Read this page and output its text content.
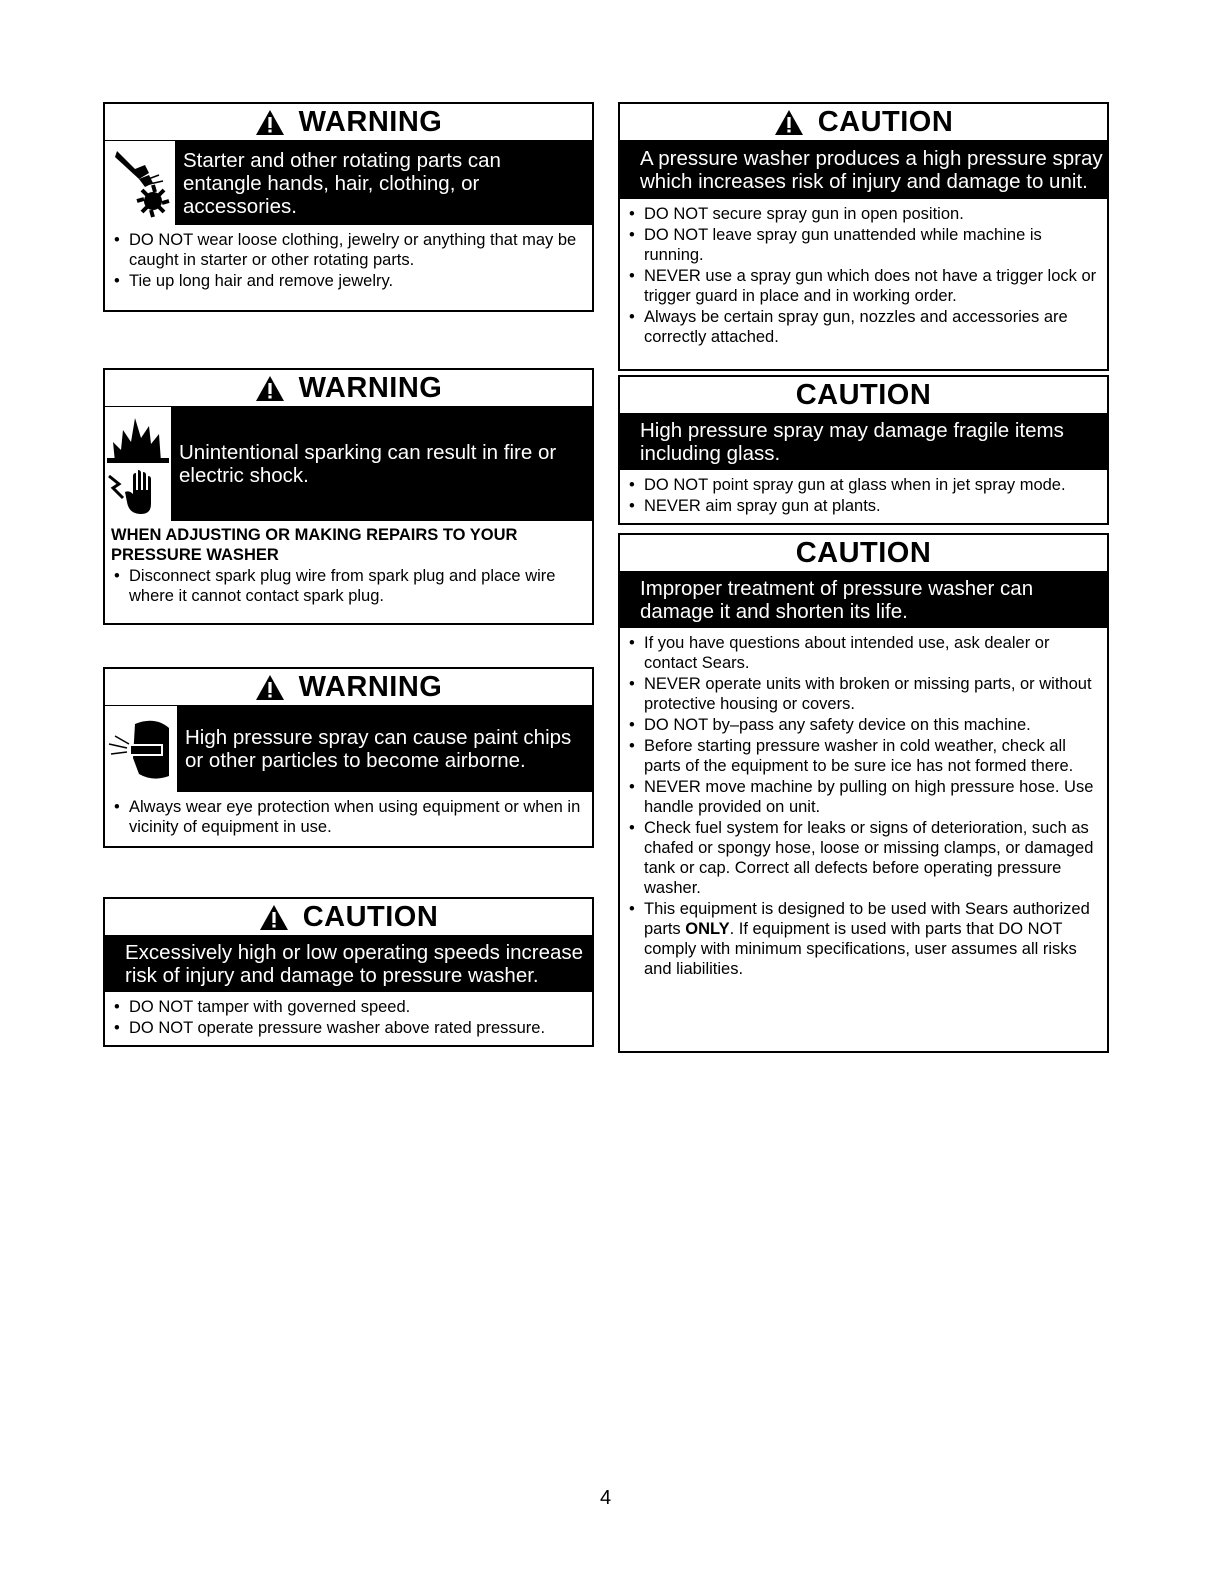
WARNING
Starter and other rotating parts can entangle hands, hair, clothing, or accessories.
• DO NOT wear loose clothing, jewelry or anything that may be caught in starter or other rotating parts.
• Tie up long hair and remove jewelry.
WARNING
Unintentional sparking can result in fire or electric shock.
WHEN ADJUSTING OR MAKING REPAIRS TO YOUR PRESSURE WASHER
• Disconnect spark plug wire from spark plug and place wire where it cannot contact spark plug.
WARNING
High pressure spray can cause paint chips or other particles to become airborne.
• Always wear eye protection when using equipment or when in vicinity of equipment in use.
CAUTION
Excessively high or low operating speeds increase risk of injury and damage to pressure washer.
• DO NOT tamper with governed speed.
• DO NOT operate pressure washer above rated pressure.
CAUTION
A pressure washer produces a high pressure spray which increases risk of injury and damage to unit.
• DO NOT secure spray gun in open position.
• DO NOT leave spray gun unattended while machine is running.
• NEVER use a spray gun which does not have a trigger lock or trigger guard in place and in working order.
• Always be certain spray gun, nozzles and accessories are correctly attached.
CAUTION
High pressure spray may damage fragile items including glass.
• DO NOT point spray gun at glass when in jet spray mode.
• NEVER aim spray gun at plants.
CAUTION
Improper treatment of pressure washer can damage it and shorten its life.
• If you have questions about intended use, ask dealer or contact Sears.
• NEVER operate units with broken or missing parts, or without protective housing or covers.
• DO NOT by–pass any safety device on this machine.
• Before starting pressure washer in cold weather, check all parts of the equipment to be sure ice has not formed there.
• NEVER move machine by pulling on high pressure hose. Use handle provided on unit.
• Check fuel system for leaks or signs of deterioration, such as chafed or spongy hose, loose or missing clamps, or damaged tank or cap. Correct all defects before operating pressure washer.
• This equipment is designed to be used with Sears authorized parts ONLY. If equipment is used with parts that DO NOT comply with minimum specifications, user assumes all risks and liabilities.
4
